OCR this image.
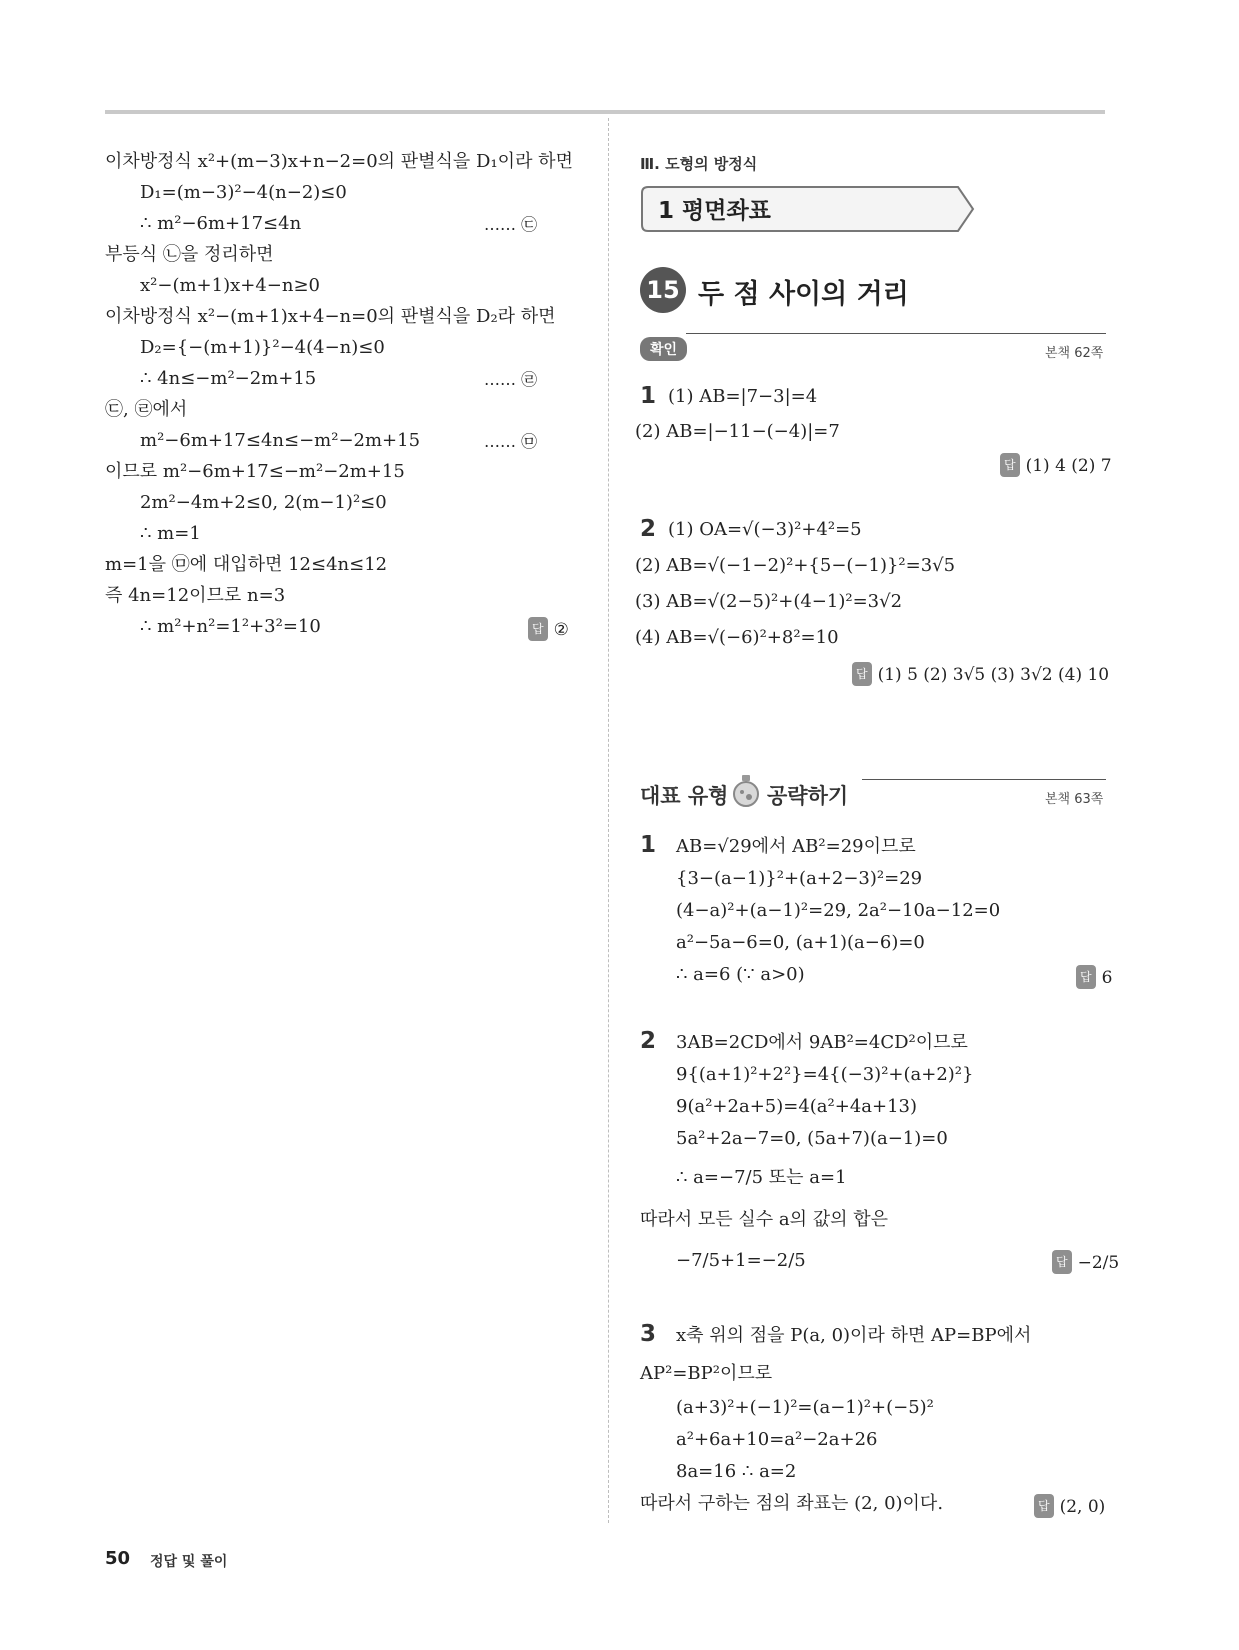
이차방정식 x²+(m−3)x+n−2=0의 판별식을 D₁이라 하면
D₁=(m−3)²−4(n−2)≤0
∴ m²−6m+17≤4n	…… ㉢
부등식 ㉡을 정리하면
x²−(m+1)x+4−n≥0
이차방정식 x²−(m+1)x+4−n=0의 판별식을 D₂라 하면
D₂={−(m+1)}²−4(4−n)≤0
∴ 4n≤−m²−2m+15	…… ㉣
㉢, ㉣에서
m²−6m+17≤4n≤−m²−2m+15	…… ㉤
이므로 m²−6m+17≤−m²−2m+15
2m²−4m+2≤0, 2(m−1)²≤0
∴ m=1
m=1을 ㉤에 대입하면 12≤4n≤12
즉 4n=12이므로 n=3
∴ m²+n²=1²+3²=10	답 ②
Ⅲ. 도형의 방정식
1 평면좌표
15 두 점 사이의 거리
확인	본책 62쪽
1 (1) AB=|7−3|=4
(2) AB=|−11−(−4)|=7
답 (1) 4 (2) 7
2 (1) OA=√(−3)²+4²=5
(2) AB=√(−1−2)²+{5−(−1)}²=3√5
(3) AB=√(2−5)²+(4−1)²=3√2
(4) AB=√(−6)²+8²=10
답 (1) 5 (2) 3√5 (3) 3√2 (4) 10
대표 유형 공략하기	본책 63쪽
1 AB=√29에서 AB²=29이므로
{3−(a−1)}²+(a+2−3)²=29
(4−a)²+(a−1)²=29, 2a²−10a−12=0
a²−5a−6=0, (a+1)(a−6)=0
∴ a=6 (∵ a>0)	답 6
2 3AB=2CD에서 9AB²=4CD²이므로
9{(a+1)²+2²}=4{(−3)²+(a+2)²}
9(a²+2a+5)=4(a²+4a+13)
5a²+2a−7=0, (5a+7)(a−1)=0
∴ a=−7/5 또는 a=1
따라서 모든 실수 a의 값의 합은
−7/5+1=−2/5	답 −2/5
3 x축 위의 점을 P(a, 0)이라 하면 AP=BP에서
AP²=BP²이므로
(a+3)²+(−1)²=(a−1)²+(−5)²
a²+6a+10=a²−2a+26
8a=16 ∴ a=2
따라서 구하는 점의 좌표는 (2, 0)이다.	답 (2, 0)
50 정답 및 풀이
